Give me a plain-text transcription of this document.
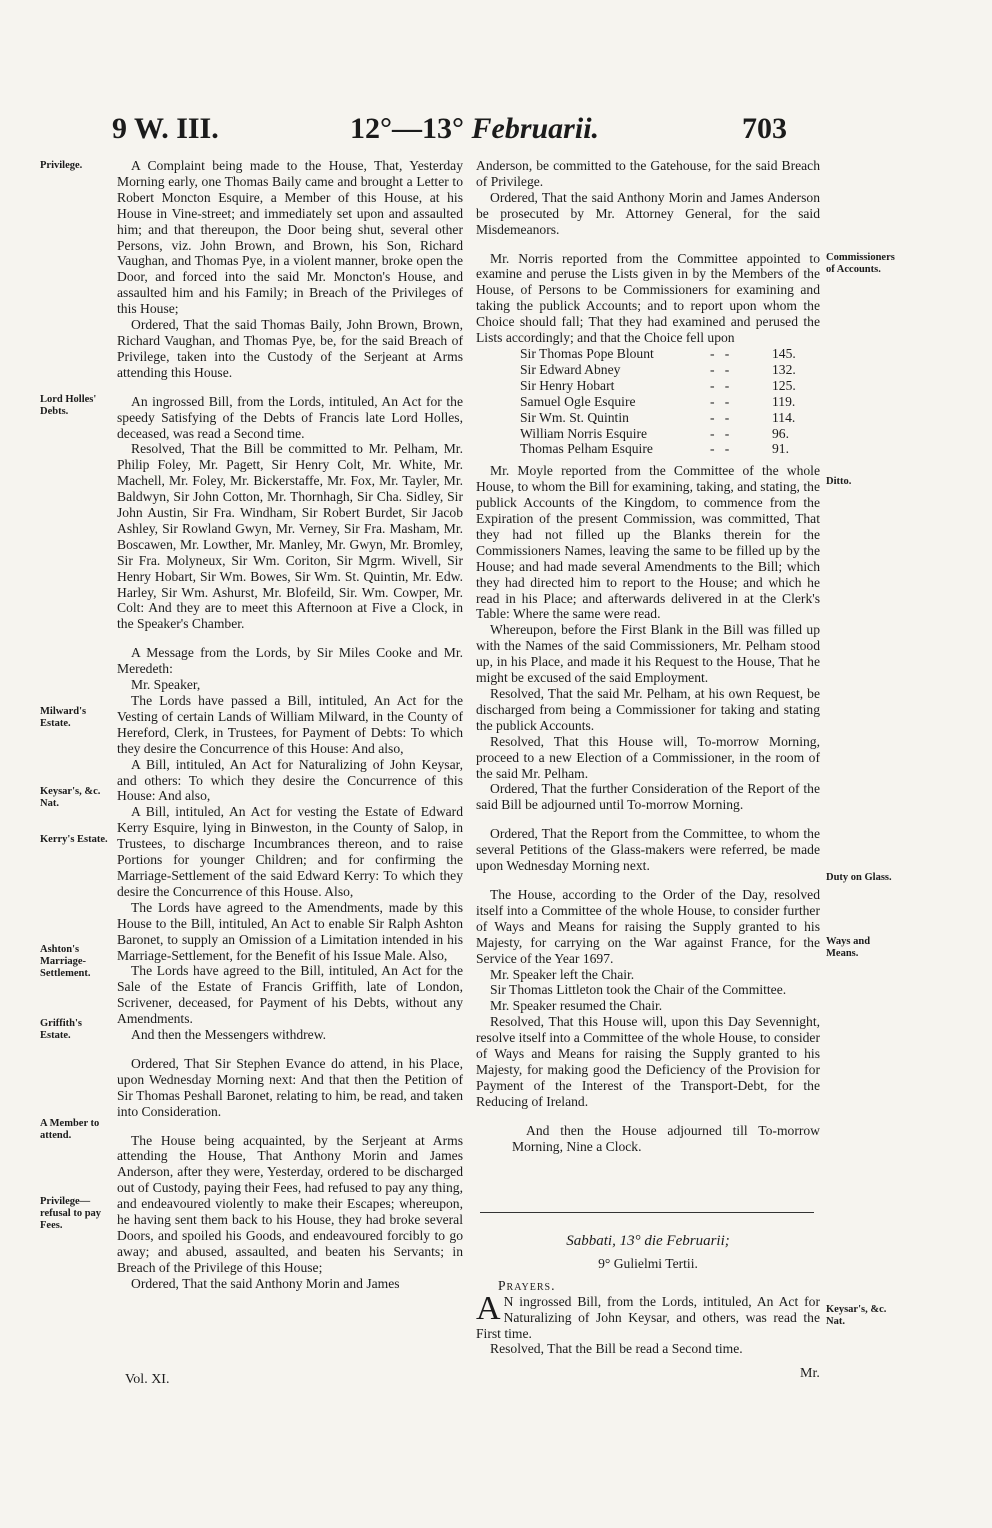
9 W. III.	12°—13° Februarii.	703
Privilege.
Lord Holles' Debts.
Milward's Estate.
Keysar's, &c. Nat.
Kerry's Estate.
Ashton's Marriage-Settlement.
Griffith's Estate.
A Member to attend.
Privilege—refusal to pay Fees.
Commissioners of Accounts.
Ditto.
Duty on Glass.
Ways and Means.
Keysar's, &c. Nat.

A Complaint being made to the House, That, Yesterday Morning early, one Thomas Baily came and brought a Letter to Robert Moncton Esquire, a Member of this House, at his House in Vine-street; and immediately set upon and assaulted him; and that thereupon, the Door being shut, several other Persons, viz. John Brown, and Brown, his Son, Richard Vaughan, and Thomas Pye, in a violent manner, broke open the Door, and forced into the said Mr. Moncton's House, and assaulted him and his Family; in Breach of the Privileges of this House;

Ordered, That the said Thomas Baily, John Brown, Brown, Richard Vaughan, and Thomas Pye, be, for the said Breach of Privilege, taken into the Custody of the Serjeant at Arms attending this House.

An ingrossed Bill, from the Lords, intituled, An Act for the speedy Satisfying of the Debts of Francis late Lord Holles, deceased, was read a Second time.

Resolved, That the Bill be committed to Mr. Pelham, Mr. Philip Foley, Mr. Pagett, Sir Henry Colt, Mr. White, Mr. Machell, Mr. Foley, Mr. Bickerstaffe, Mr. Fox, Mr. Tayler, Mr. Baldwyn, Sir John Cotton, Mr. Thornhagh, Sir Cha. Sidley, Sir John Austin, Sir Fra. Windham, Sir Robert Burdet, Sir Jacob Ashley, Sir Rowland Gwyn, Mr. Verney, Sir Fra. Masham, Mr. Boscawen, Mr. Lowther, Mr. Manley, Mr. Gwyn, Mr. Bromley, Sir Fra. Molyneux, Sir Wm. Coriton, Sir Mgrm. Wivell, Sir Henry Hobart, Sir Wm. Bowes, Sir Wm. St. Quintin, Mr. Edw. Harley, Sir Wm. Ashurst, Mr. Blofeild, Sir. Wm. Cowper, Mr. Colt: And they are to meet this Afternoon at Five a Clock, in the Speaker's Chamber.

A Message from the Lords, by Sir Miles Cooke and Mr. Meredeth:

Mr. Speaker,

The Lords have passed a Bill, intituled, An Act for the Vesting of certain Lands of William Milward, in the County of Hereford, Clerk, in Trustees, for Payment of Debts: To which they desire the Concurrence of this House: And also,

A Bill, intituled, An Act for Naturalizing of John Keysar, and others: To which they desire the Concurrence of this House: And also,

A Bill, intituled, An Act for vesting the Estate of Edward Kerry Esquire, lying in Binweston, in the County of Salop, in Trustees, to discharge Incumbrances thereon, and to raise Portions for younger Children; and for confirming the Marriage-Settlement of the said Edward Kerry: To which they desire the Concurrence of this House. Also,

The Lords have agreed to the Amendments, made by this House to the Bill, intituled, An Act to enable Sir Ralph Ashton Baronet, to supply an Omission of a Limitation intended in his Marriage-Settlement, for the Benefit of his Issue Male. Also,

The Lords have agreed to the Bill, intituled, An Act for the Sale of the Estate of Francis Griffith, late of London, Scrivener, deceased, for Payment of his Debts, without any Amendments.

And then the Messengers withdrew.

Ordered, That Sir Stephen Evance do attend, in his Place, upon Wednesday Morning next: And that then the Petition of Sir Thomas Peshall Baronet, relating to him, be read, and taken into Consideration.

The House being acquainted, by the Serjeant at Arms attending the House, That Anthony Morin and James Anderson, after they were, Yesterday, ordered to be discharged out of Custody, paying their Fees, had refused to pay any thing, and endeavoured violently to make their Escapes; whereupon, he having sent them back to his House, they had broke several Doors, and spoiled his Goods, and endeavoured forcibly to go away; and abused, assaulted, and beaten his Servants; in Breach of the Privilege of this House;

Ordered, That the said Anthony Morin and James

Vol. XI.

Anderson, be committed to the Gatehouse, for the said Breach of Privilege.

Ordered, That the said Anthony Morin and James Anderson be prosecuted by Mr. Attorney General, for the said Misdemeanors.

Mr. Norris reported from the Committee appointed to examine and peruse the Lists given in by the Members of the House, of Persons to be Commissioners for examining and taking the publick Accounts; and to report upon whom the Choice should fall; That they had examined and perused the Lists accordingly; and that the Choice fell upon

Sir Thomas Pope Blount	-   -	145.
Sir Edward Abney	-   -	132.
Sir Henry Hobart	-   -	125.
Samuel Ogle Esquire	-   -	119.
Sir Wm. St. Quintin	-   -	114.
William Norris Esquire	-   -	96.
Thomas Pelham Esquire	-   -	91.

Mr. Moyle reported from the Committee of the whole House, to whom the Bill for examining, taking, and stating, the publick Accounts of the Kingdom, to commence from the Expiration of the present Commission, was committed, That they had not filled up the Blanks therein for the Commissioners Names, leaving the same to be filled up by the House; and had made several Amendments to the Bill; which they had directed him to report to the House; and which he read in his Place; and afterwards delivered in at the Clerk's Table: Where the same were read.

Whereupon, before the First Blank in the Bill was filled up with the Names of the said Commissioners, Mr. Pelham stood up, in his Place, and made it his Request to the House, That he might be excused of the said Employment.

Resolved, That the said Mr. Pelham, at his own Request, be discharged from being a Commissioner for taking and stating the publick Accounts.

Resolved, That this House will, To-morrow Morning, proceed to a new Election of a Commissioner, in the room of the said Mr. Pelham.

Ordered, That the further Consideration of the Report of the said Bill be adjourned until To-morrow Morning.

Ordered, That the Report from the Committee, to whom the several Petitions of the Glass-makers were referred, be made upon Wednesday Morning next.

The House, according to the Order of the Day, resolved itself into a Committee of the whole House, to consider further of Ways and Means for raising the Supply granted to his Majesty, for carrying on the War against France, for the Service of the Year 1697.

Mr. Speaker left the Chair.

Sir Thomas Littleton took the Chair of the Committee.

Mr. Speaker resumed the Chair.

Resolved, That this House will, upon this Day Sevennight, resolve itself into a Committee of the whole House, to consider of Ways and Means for raising the Supply granted to his Majesty, for making good the Deficiency of the Provision for Payment of the Interest of the Transport-Debt, for the Reducing of Ireland.

And then the House adjourned till To-morrow Morning, Nine a Clock.

Sabbati, 13° die Februarii;
9° Gulielmi Tertii.
Prayers.

A N ingrossed Bill, from the Lords, intituled, An Act for Naturalizing of John Keysar, and others, was read the First time.

Resolved, That the Bill be read a Second time.

Mr.
